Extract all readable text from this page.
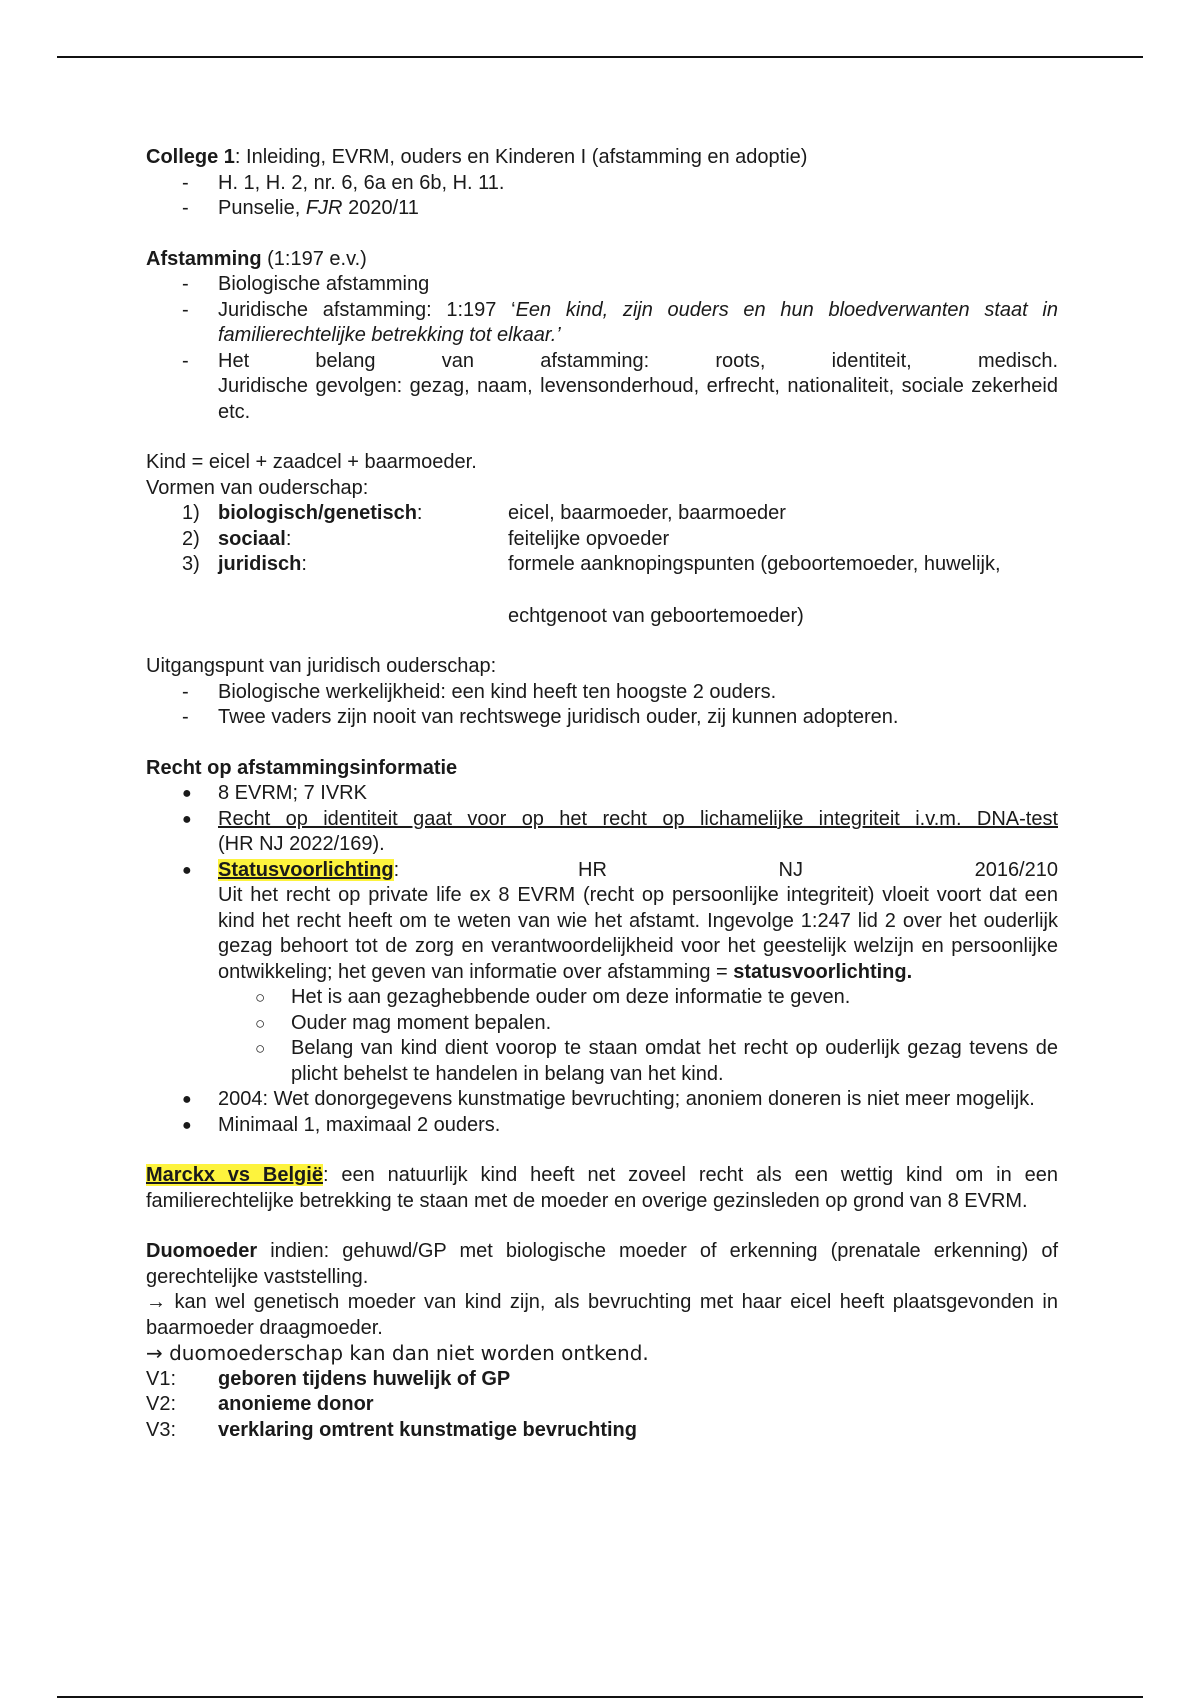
College 1: Inleiding, EVRM, ouders en Kinderen I (afstamming en adoptie)

- H. 1, H. 2, nr. 6, 6a en 6b, H. 11.
- Punselie, FJR 2020/11

Afstamming (1:197 e.v.)

- Biologische afstamming
- Juridische afstamming: 1:197 ‘Een kind, zijn ouders en hun bloedverwanten staat in familierechtelijke betrekking tot elkaar.’
- Het belang van afstamming: roots, identiteit, medisch.
Juridische gevolgen: gezag, naam, levensonderhoud, erfrecht, nationaliteit, sociale zekerheid etc.

Kind = eicel + zaadcel + baarmoeder.

Vormen van ouderschap:

1) biologisch/genetisch:	eicel, baarmoeder, baarmoeder
2) sociaal:	feitelijke opvoeder
3) juridisch:	formele aanknopingspunten (geboortemoeder, huwelijk,
echtgenoot van geboortemoeder)

Uitgangspunt van juridisch ouderschap:

- Biologische werkelijkheid: een kind heeft ten hoogste 2 ouders.
- Twee vaders zijn nooit van rechtswege juridisch ouder, zij kunnen adopteren.

Recht op afstammingsinformatie

● 8 EVRM; 7 IVRK
● Recht op identiteit gaat voor op het recht op lichamelijke integriteit i.v.m. DNA-test
(HR NJ 2022/169).
● Statusvoorlichting:	HR NJ 2016/210
Uit het recht op private life ex 8 EVRM (recht op persoonlijke integriteit) vloeit voort dat een kind het recht heeft om te weten van wie het afstamt. Ingevolge 1:247 lid 2 over het ouderlijk gezag behoort tot de zorg en verantwoordelijkheid voor het geestelijk welzijn en persoonlijke ontwikkeling; het geven van informatie over afstamming = statusvoorlichting.
○ Het is aan gezaghebbende ouder om deze informatie te geven.
○ Ouder mag moment bepalen.
○ Belang van kind dient voorop te staan omdat het recht op ouderlijk gezag tevens de plicht behelst te handelen in belang van het kind.
● 2004: Wet donorgegevens kunstmatige bevruchting; anoniem doneren is niet meer mogelijk.
● Minimaal 1, maximaal 2 ouders.

Marckx vs België: een natuurlijk kind heeft net zoveel recht als een wettig kind om in een familierechtelijke betrekking te staan met de moeder en overige gezinsleden op grond van 8 EVRM.

Duomoeder indien: gehuwd/GP met biologische moeder of erkenning (prenatale erkenning) of gerechtelijke vaststelling.

→ kan wel genetisch moeder van kind zijn, als bevruchting met haar eicel heeft plaatsgevonden in baarmoeder draagmoeder.

→ duomoederschap kan dan niet worden ontkend.

V1:	geboren tijdens huwelijk of GP
V2:	anonieme donor
V3:	verklaring omtrent kunstmatige bevruchting
